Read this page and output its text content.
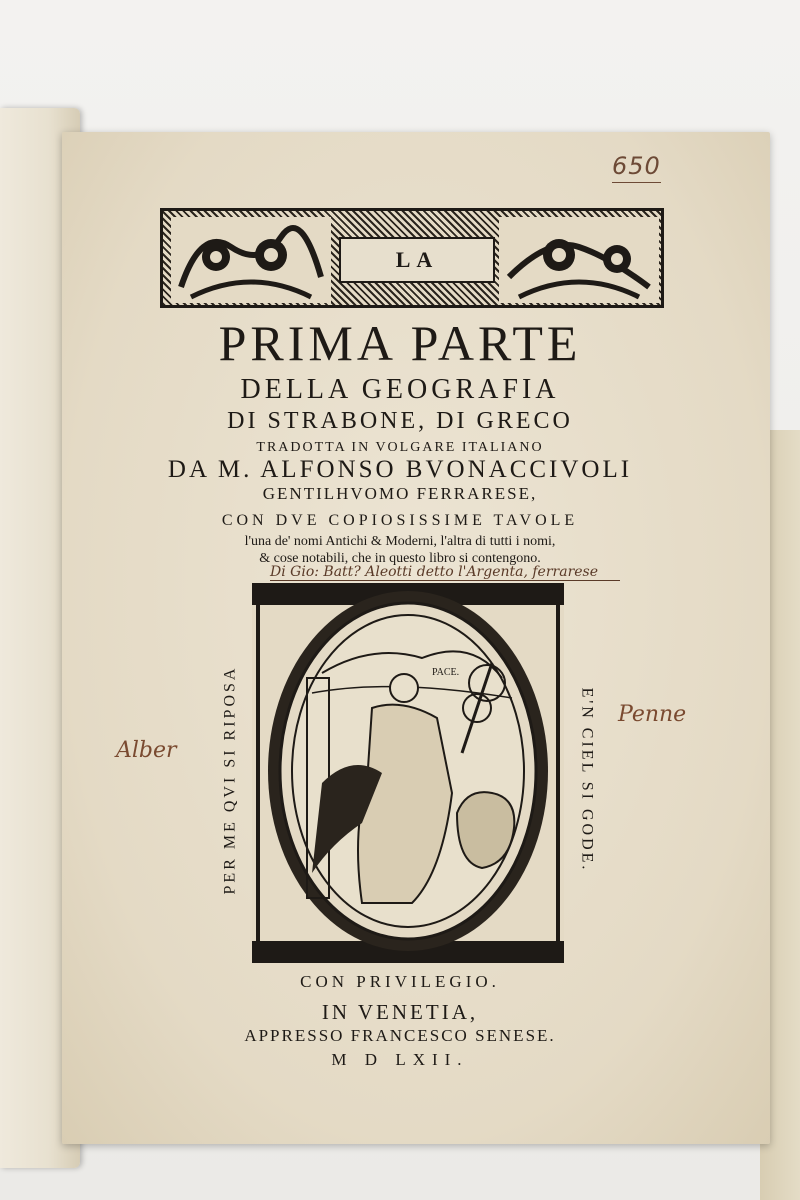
650
LA
PRIMA PARTE
DELLA GEOGRAFIA
DI STRABONE, DI GRECO
TRADOTTA IN VOLGARE ITALIANO
DA M. ALFONSO BVONACCIVOLI
GENTILHVOMO FERRARESE,
CON DVE COPIOSISSIME TAVOLE
l'una de' nomi Antichi & Moderni, l'altra di tutti i nomi,
& cose notabili, che in questo libro si contengono.
Di Gio: Batt? Aleotti detto l'Argenta, ferrarese
PACE.
PER ME QVI SI RIPOSA	E'N CIEL SI GODE.
Alber
Penne
CON PRIVILEGIO.
IN VENETIA,
APPRESSO FRANCESCO SENESE.
M D LXII.
